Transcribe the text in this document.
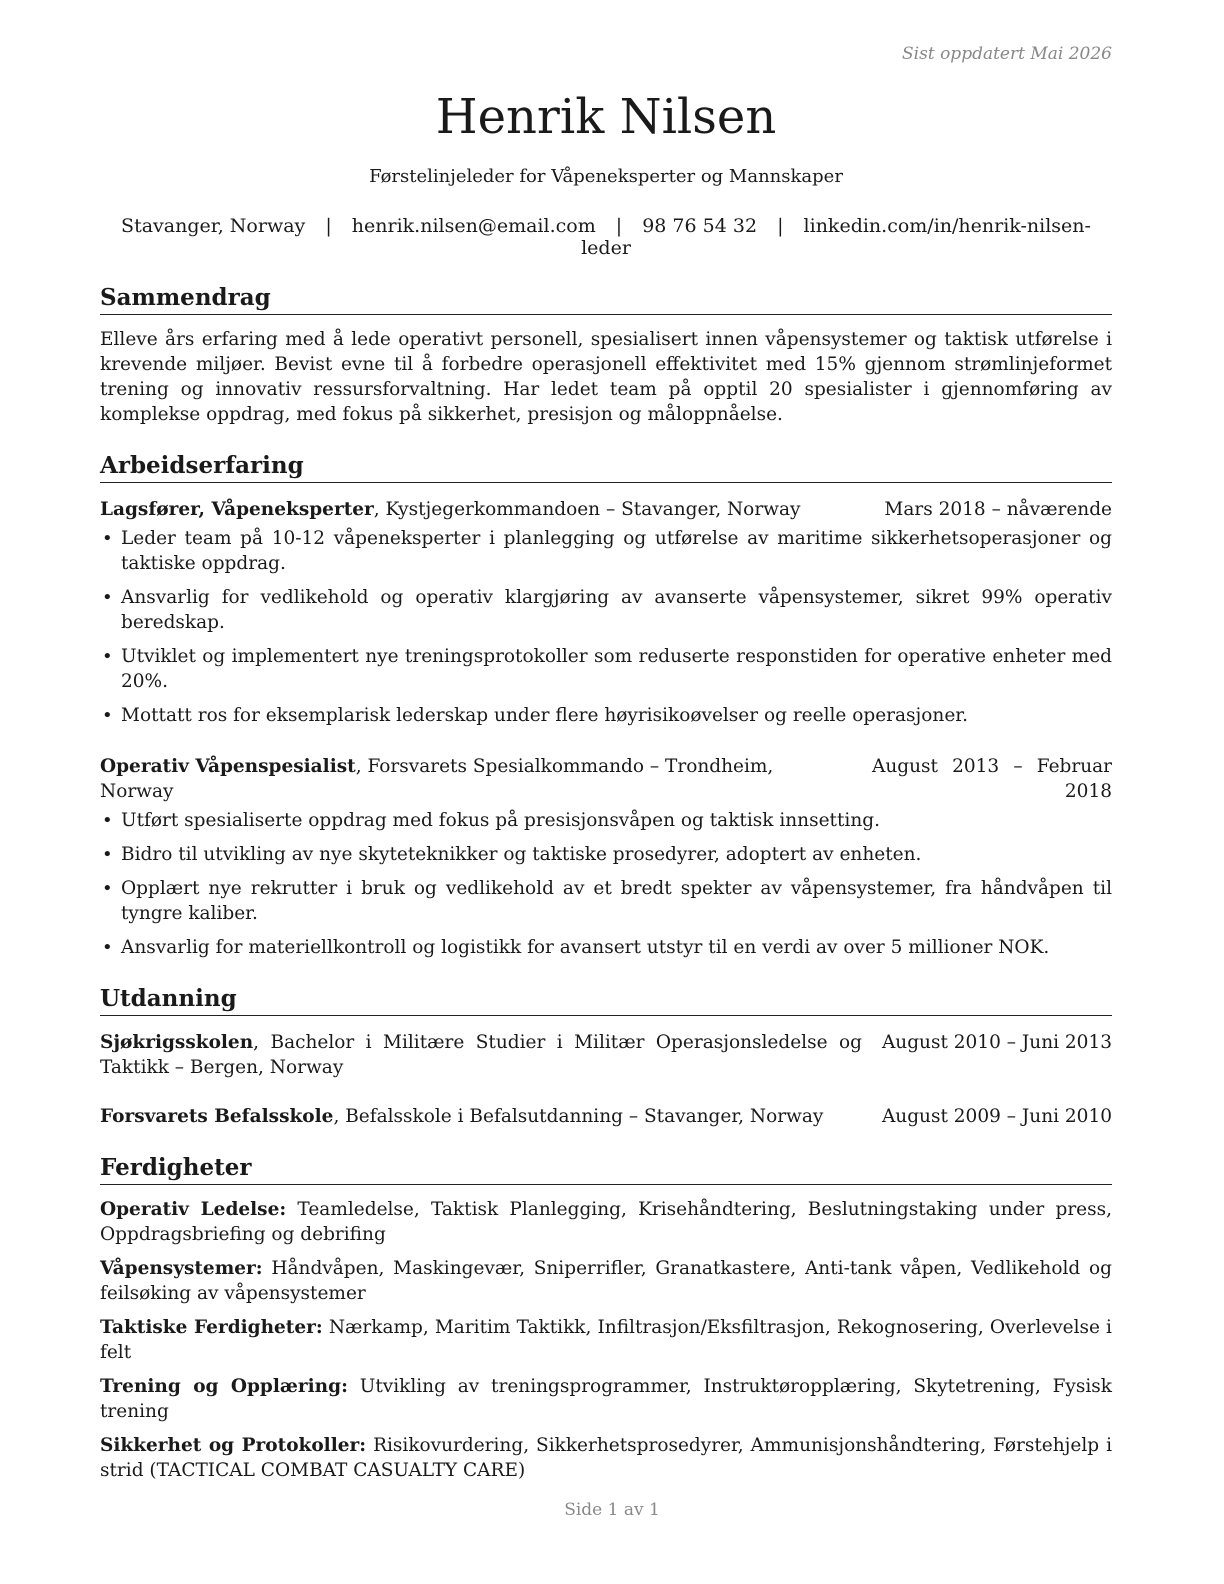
Sist oppdatert Mai 2026
Henrik Nilsen
Førstelinjeleder for Våpeneksperter og Mannskaper
Stavanger, Norway | henrik.nilsen@email.com | 98 76 54 32 | linkedin.com/in/henrik-nilsen-leder
Sammendrag
Elleve års erfaring med å lede operativt personell, spesialisert innen våpensystemer og taktisk utførelse i krevende miljøer. Bevist evne til å forbedre operasjonell effektivitet med 15% gjennom strømlinjeformet trening og innovativ ressursforvaltning. Har ledet team på opptil 20 spesialister i gjennomføring av komplekse oppdrag, med fokus på sikkerhet, presisjon og måloppnåelse.
Arbeidserfaring
Lagsfører, Våpeneksperter, Kystjegerkommandoen – Stavanger, Norway	Mars 2018 – nåværende
• Leder team på 10-12 våpeneksperter i planlegging og utførelse av maritime sikkerhetsoperasjoner og taktiske oppdrag.
• Ansvarlig for vedlikehold og operativ klargjøring av avanserte våpensystemer, sikret 99% operativ beredskap.
• Utviklet og implementert nye treningsprotokoller som reduserte responstiden for operative enheter med 20%.
• Mottatt ros for eksemplarisk lederskap under flere høyrisikoøvelser og reelle operasjoner.
Operativ Våpenspesialist, Forsvarets Spesialkommando – Trondheim, Norway
August 2013 – Februar 2018
• Utført spesialiserte oppdrag med fokus på presisjonsvåpen og taktisk innsetting.
• Bidro til utvikling av nye skyteteknikker og taktiske prosedyrer, adoptert av enheten.
• Opplært nye rekrutter i bruk og vedlikehold av et bredt spekter av våpensystemer, fra håndvåpen til tyngre kaliber.
• Ansvarlig for materiellkontroll og logistikk for avansert utstyr til en verdi av over 5 millioner NOK.
Utdanning
Sjøkrigsskolen, Bachelor i Militære Studier i Militær Operasjonsledelse og Taktikk – Bergen, Norway
August 2010 – Juni 2013
Forsvarets Befalsskole, Befalsskole i Befalsutdanning – Stavanger, Norway	August 2009 – Juni 2010
Ferdigheter
Operativ Ledelse: Teamledelse, Taktisk Planlegging, Krisehåndtering, Beslutningstaking under press, Oppdragsbriefing og debrifing
Våpensystemer: Håndvåpen, Maskingevær, Sniperrifler, Granatkastere, Anti-tank våpen, Vedlikehold og feilsøking av våpensystemer
Taktiske Ferdigheter: Nærkamp, Maritim Taktikk, Infiltrasjon/Eksfiltrasjon, Rekognosering, Overlevelse i felt
Trening og Opplæring: Utvikling av treningsprogrammer, Instruktøropplæring, Skytetrening, Fysisk trening
Sikkerhet og Protokoller: Risikovurdering, Sikkerhetsprosedyrer, Ammunisjonshåndtering, Førstehjelp i strid (TACTICAL COMBAT CASUALTY CARE)
Side 1 av 1
